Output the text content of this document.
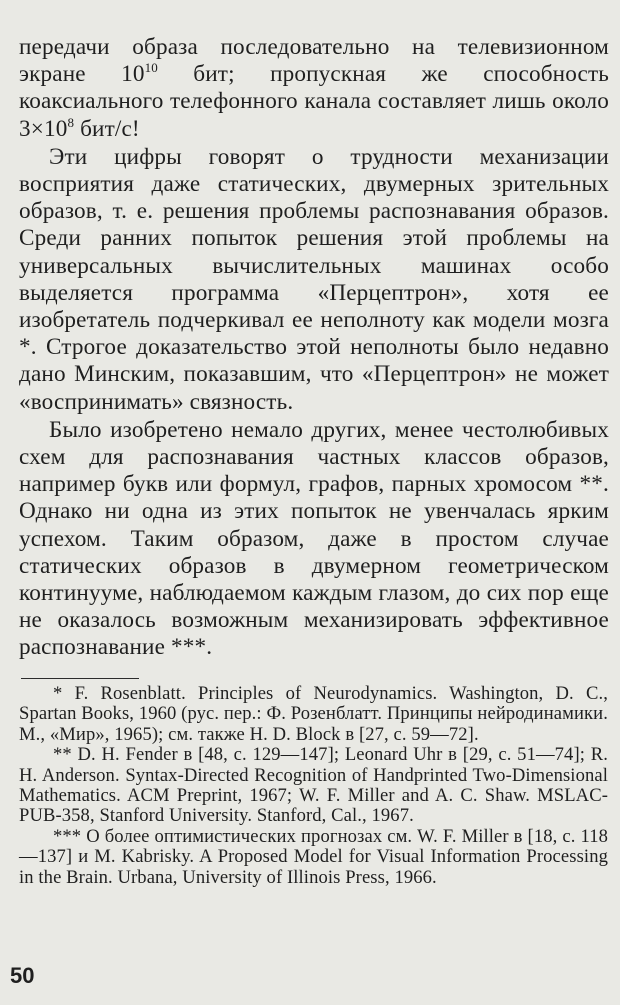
передачи образа последовательно на телевизионном экране $10^{10}$ бит; пропускная же способность коаксиального телефонного канала составляет лишь около $3\times 10^8$ бит/с!

Эти цифры говорят о трудности механизации восприятия даже статических, двумерных зрительных образов, т. е. решения проблемы распознавания образов. Среди ранних попыток решения этой проблемы на универсальных вычислительных машинах особо выделяется программа «Перцептрон», хотя ее изобретатель подчеркивал ее неполноту как модели мозга *. Строгое доказательство этой неполноты было недавно дано Минским, показавшим, что «Перцептрон» не может «воспринимать» связность.

Было изобретено немало других, менее честолюбивых схем для распознавания частных классов образов, например букв или формул, графов, парных хромосом **. Однако ни одна из этих попыток не увенчалась ярким успехом. Таким образом, даже в простом случае статических образов в двумерном геометрическом континууме, наблюдаемом каждым глазом, до сих пор еще не оказалось возможным механизировать эффективное распознавание ***.

* F. Rosenblatt. Principles of Neurodynamics. Washington, D. C., Spartan Books, 1960 (рус. пер.: Ф. Розенблатт. Принципы нейродинамики. М., «Мир», 1965); см. также H. D. Block в [27, с. 59—72].

** D. H. Fender в [48, с. 129—147]; Leonard Uhr в [29, с. 51—74]; R. H. Anderson. Syntax-Directed Recognition of Handprinted Two-Dimensional Mathematics. ACM Preprint, 1967; W. F. Miller and A. C. Shaw. MSLAC-PUB-358, Stanford University. Stanford, Cal., 1967.

*** О более оптимистических прогнозах см. W. F. Miller в [18, с. 118—137] и M. Kabrisky. A Proposed Model for Visual Information Processing in the Brain. Urbana, University of Illinois Press, 1966.

50
